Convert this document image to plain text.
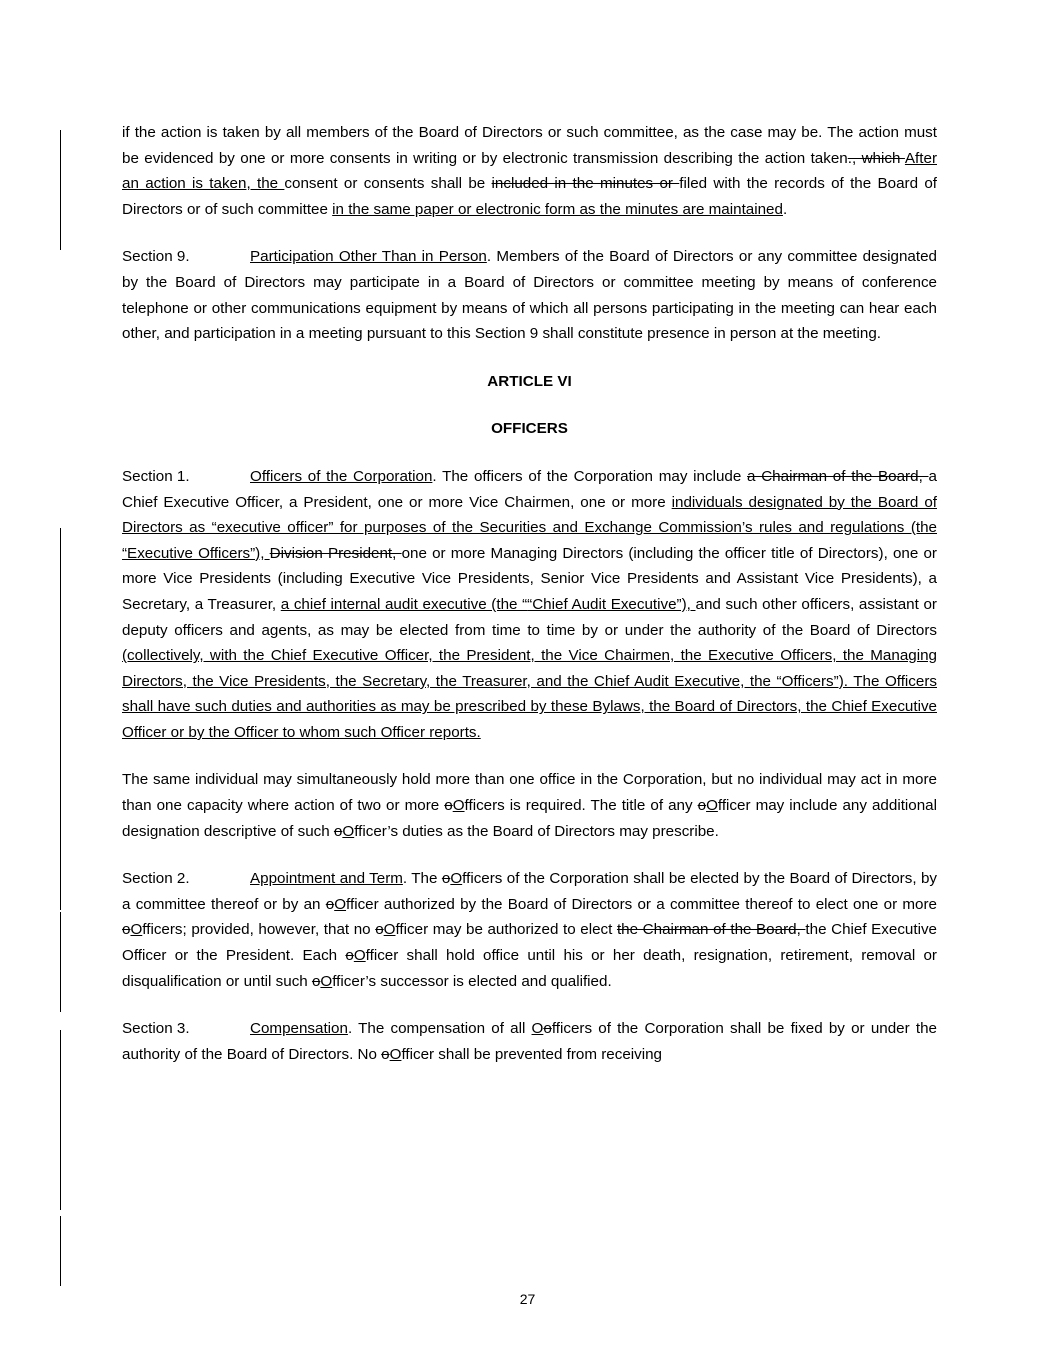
if the action is taken by all members of the Board of Directors or such committee, as the case may be. The action must be evidenced by one or more consents in writing or by electronic transmission describing the action taken., which After an action is taken, the consent or consents shall be included in the minutes or filed with the records of the Board of Directors or of such committee in the same paper or electronic form as the minutes are maintained.

Section 9.	Participation Other Than in Person. Members of the Board of Directors or any committee designated by the Board of Directors may participate in a Board of Directors or committee meeting by means of conference telephone or other communications equipment by means of which all persons participating in the meeting can hear each other, and participation in a meeting pursuant to this Section 9 shall constitute presence in person at the meeting.

ARTICLE VI

OFFICERS

Section 1.	Officers of the Corporation. The officers of the Corporation may include a Chairman of the Board, a Chief Executive Officer, a President, one or more Vice Chairmen, one or more individuals designated by the Board of Directors as “executive officer” for purposes of the Securities and Exchange Commission’s rules and regulations (the “Executive Officers”), Division President, one or more Managing Directors (including the officer title of Directors), one or more Vice Presidents (including Executive Vice Presidents, Senior Vice Presidents and Assistant Vice Presidents), a Secretary, a Treasurer, a chief internal audit executive (the ““Chief Audit Executive”), and such other officers, assistant or deputy officers and agents, as may be elected from time to time by or under the authority of the Board of Directors (collectively, with the Chief Executive Officer, the President, the Vice Chairmen, the Executive Officers, the Managing Directors, the Vice Presidents, the Secretary, the Treasurer, and the Chief Audit Executive, the “Officers”). The Officers shall have such duties and authorities as may be prescribed by these Bylaws, the Board of Directors, the Chief Executive Officer or by the Officer to whom such Officer reports.

The same individual may simultaneously hold more than one office in the Corporation, but no individual may act in more than one capacity where action of two or more oOfficers is required. The title of any oOfficer may include any additional designation descriptive of such oOfficer’s duties as the Board of Directors may prescribe.

Section 2.	Appointment and Term. The oOfficers of the Corporation shall be elected by the Board of Directors, by a committee thereof or by an oOfficer authorized by the Board of Directors or a committee thereof to elect one or more oOfficers; provided, however, that no oOfficer may be authorized to elect the Chairman of the Board, the Chief Executive Officer or the President. Each oOfficer shall hold office until his or her death, resignation, retirement, removal or disqualification or until such oOfficer’s successor is elected and qualified.

Section 3.	Compensation. The compensation of all Oofficers of the Corporation shall be fixed by or under the authority of the Board of Directors. No oOfficer shall be prevented from receiving

27
